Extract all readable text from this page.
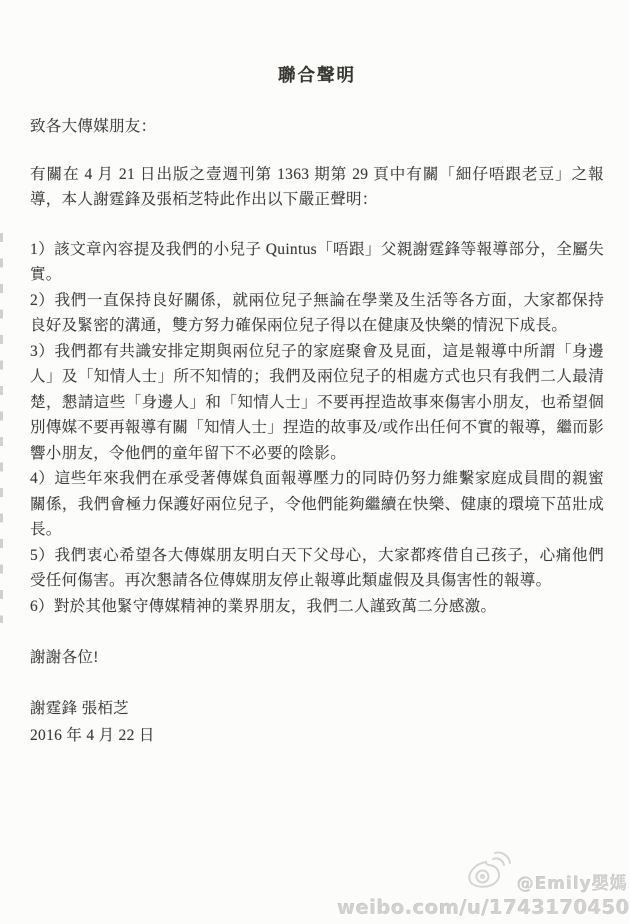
聯合聲明

致各大傳媒朋友：

有關在 4 月 21 日出版之壹週刊第 1363 期第 29 頁中有關「細仔唔跟老豆」之報導，本人謝霆鋒及張栢芝特此作出以下嚴正聲明：

1）該文章內容提及我們的小兒子 Quintus「唔跟」父親謝霆鋒等報導部分，全屬失實。

2）我們一直保持良好關係，就兩位兒子無論在學業及生活等各方面，大家都保持良好及緊密的溝通，雙方努力確保兩位兒子得以在健康及快樂的情況下成長。

3）我們都有共識安排定期與兩位兒子的家庭聚會及見面，這是報導中所謂「身邊人」及「知情人士」所不知情的；我們及兩位兒子的相處方式也只有我們二人最清楚，懇請這些「身邊人」和「知情人士」不要再捏造故事來傷害小朋友，也希望個別傳媒不要再報導有關「知情人士」捏造的故事及/或作出任何不實的報導，繼而影響小朋友，令他們的童年留下不必要的陰影。

4）這些年來我們在承受著傳媒負面報導壓力的同時仍努力維繫家庭成員間的親蜜關係，我們會極力保護好兩位兒子，令他們能夠繼續在快樂、健康的環境下茁壯成長。

5）我們衷心希望各大傳媒朋友明白天下父母心，大家都疼借自己孩子，心痛他們受任何傷害。再次懇請各位傳媒朋友停止報導此類虛假及具傷害性的報導。

6）對於其他緊守傳媒精神的業界朋友，我們二人謹致萬二分感激。

謝謝各位!

謝霆鋒 張栢芝

2016 年 4 月 22 日

@Emily嬰媽
weibo.com/u/1743170450
